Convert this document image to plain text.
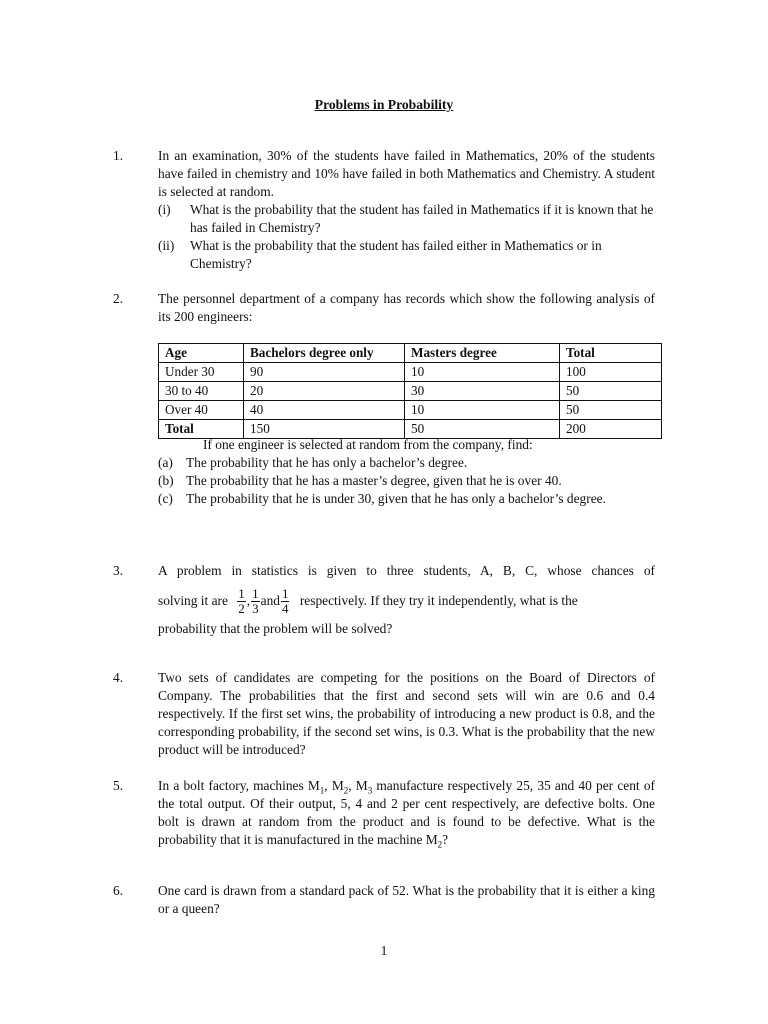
Problems in Probability
1.	In an examination, 30% of the students have failed in Mathematics, 20% of the students have failed in chemistry and 10% have failed in both Mathematics and Chemistry. A student is selected at random.
(i) What is the probability that the student has failed in Mathematics if it is known that he has failed in Chemistry?
(ii) What is the probability that the student has failed either in Mathematics or in Chemistry?
2.	The personnel department of a company has records which show the following analysis of its 200 engineers:
Age	Bachelors degree only	Masters degree	Total
Under 30	90	10	100
30 to 40	20	30	50
Over 40	40	10	50
Total	150	50	200
If one engineer is selected at random from the company, find:
(a) The probability that he has only a bachelor’s degree.
(b) The probability that he has a master’s degree, given that he is over 40.
(c) The probability that he is under 30, given that he has only a bachelor’s degree.
3.	A problem in statistics is given to three students, A, B, C, whose chances of
solving it are $\frac{1}{2}$ , $\frac{1}{3}$ and $\frac{1}{4}$ respectively. If they try it independently, what is the
probability that the problem will be solved?
4.	Two sets of candidates are competing for the positions on the Board of Directors of Company. The probabilities that the first and second sets will win are 0.6 and 0.4 respectively. If the first set wins, the probability of introducing a new product is 0.8, and the corresponding probability, if the second set wins, is 0.3. What is the probability that the new product will be introduced?
5.	In a bolt factory, machines $M_1$, $M_2$, $M_3$ manufacture respectively 25, 35 and 40 per cent of the total output. Of their output, 5, 4 and 2 per cent respectively, are defective bolts. One bolt is drawn at random from the product and is found to be defective. What is the probability that it is manufactured in the machine $M_2$?
6.	One card is drawn from a standard pack of 52. What is the probability that it is either a king or a queen?
1
